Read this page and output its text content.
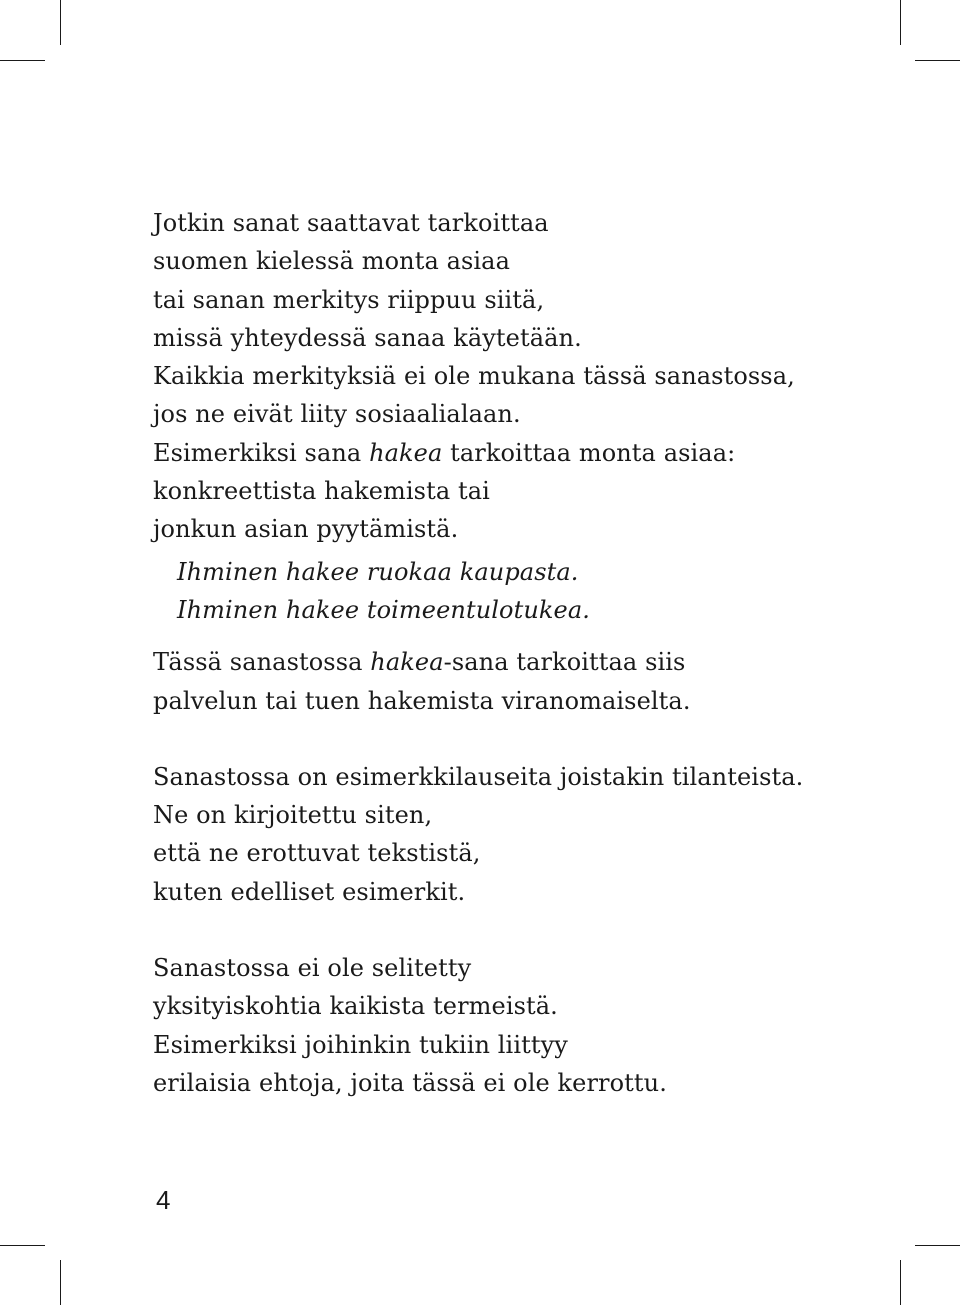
Jotkin sanat saattavat tarkoittaa
suomen kielessä monta asiaa
tai sanan merkitys riippuu siitä,
missä yhteydessä sanaa käytetään.
Kaikkia merkityksiä ei ole mukana tässä sanastossa,
jos ne eivät liity sosiaalialaan.
Esimerkiksi sana hakea tarkoittaa monta asiaa:
konkreettista hakemista tai
jonkun asian pyytämistä.

Ihminen hakee ruokaa kaupasta.
Ihminen hakee toimeentulotukea.

Tässä sanastossa hakea-sana tarkoittaa siis
palvelun tai tuen hakemista viranomaiselta.

Sanastossa on esimerkkilauseita joistakin tilanteista.
Ne on kirjoitettu siten,
että ne erottuvat tekstistä,
kuten edelliset esimerkit.

Sanastossa ei ole selitetty
yksityiskohtia kaikista termeistä.
Esimerkiksi joihinkin tukiin liittyy
erilaisia ehtoja, joita tässä ei ole kerrottu.

4
